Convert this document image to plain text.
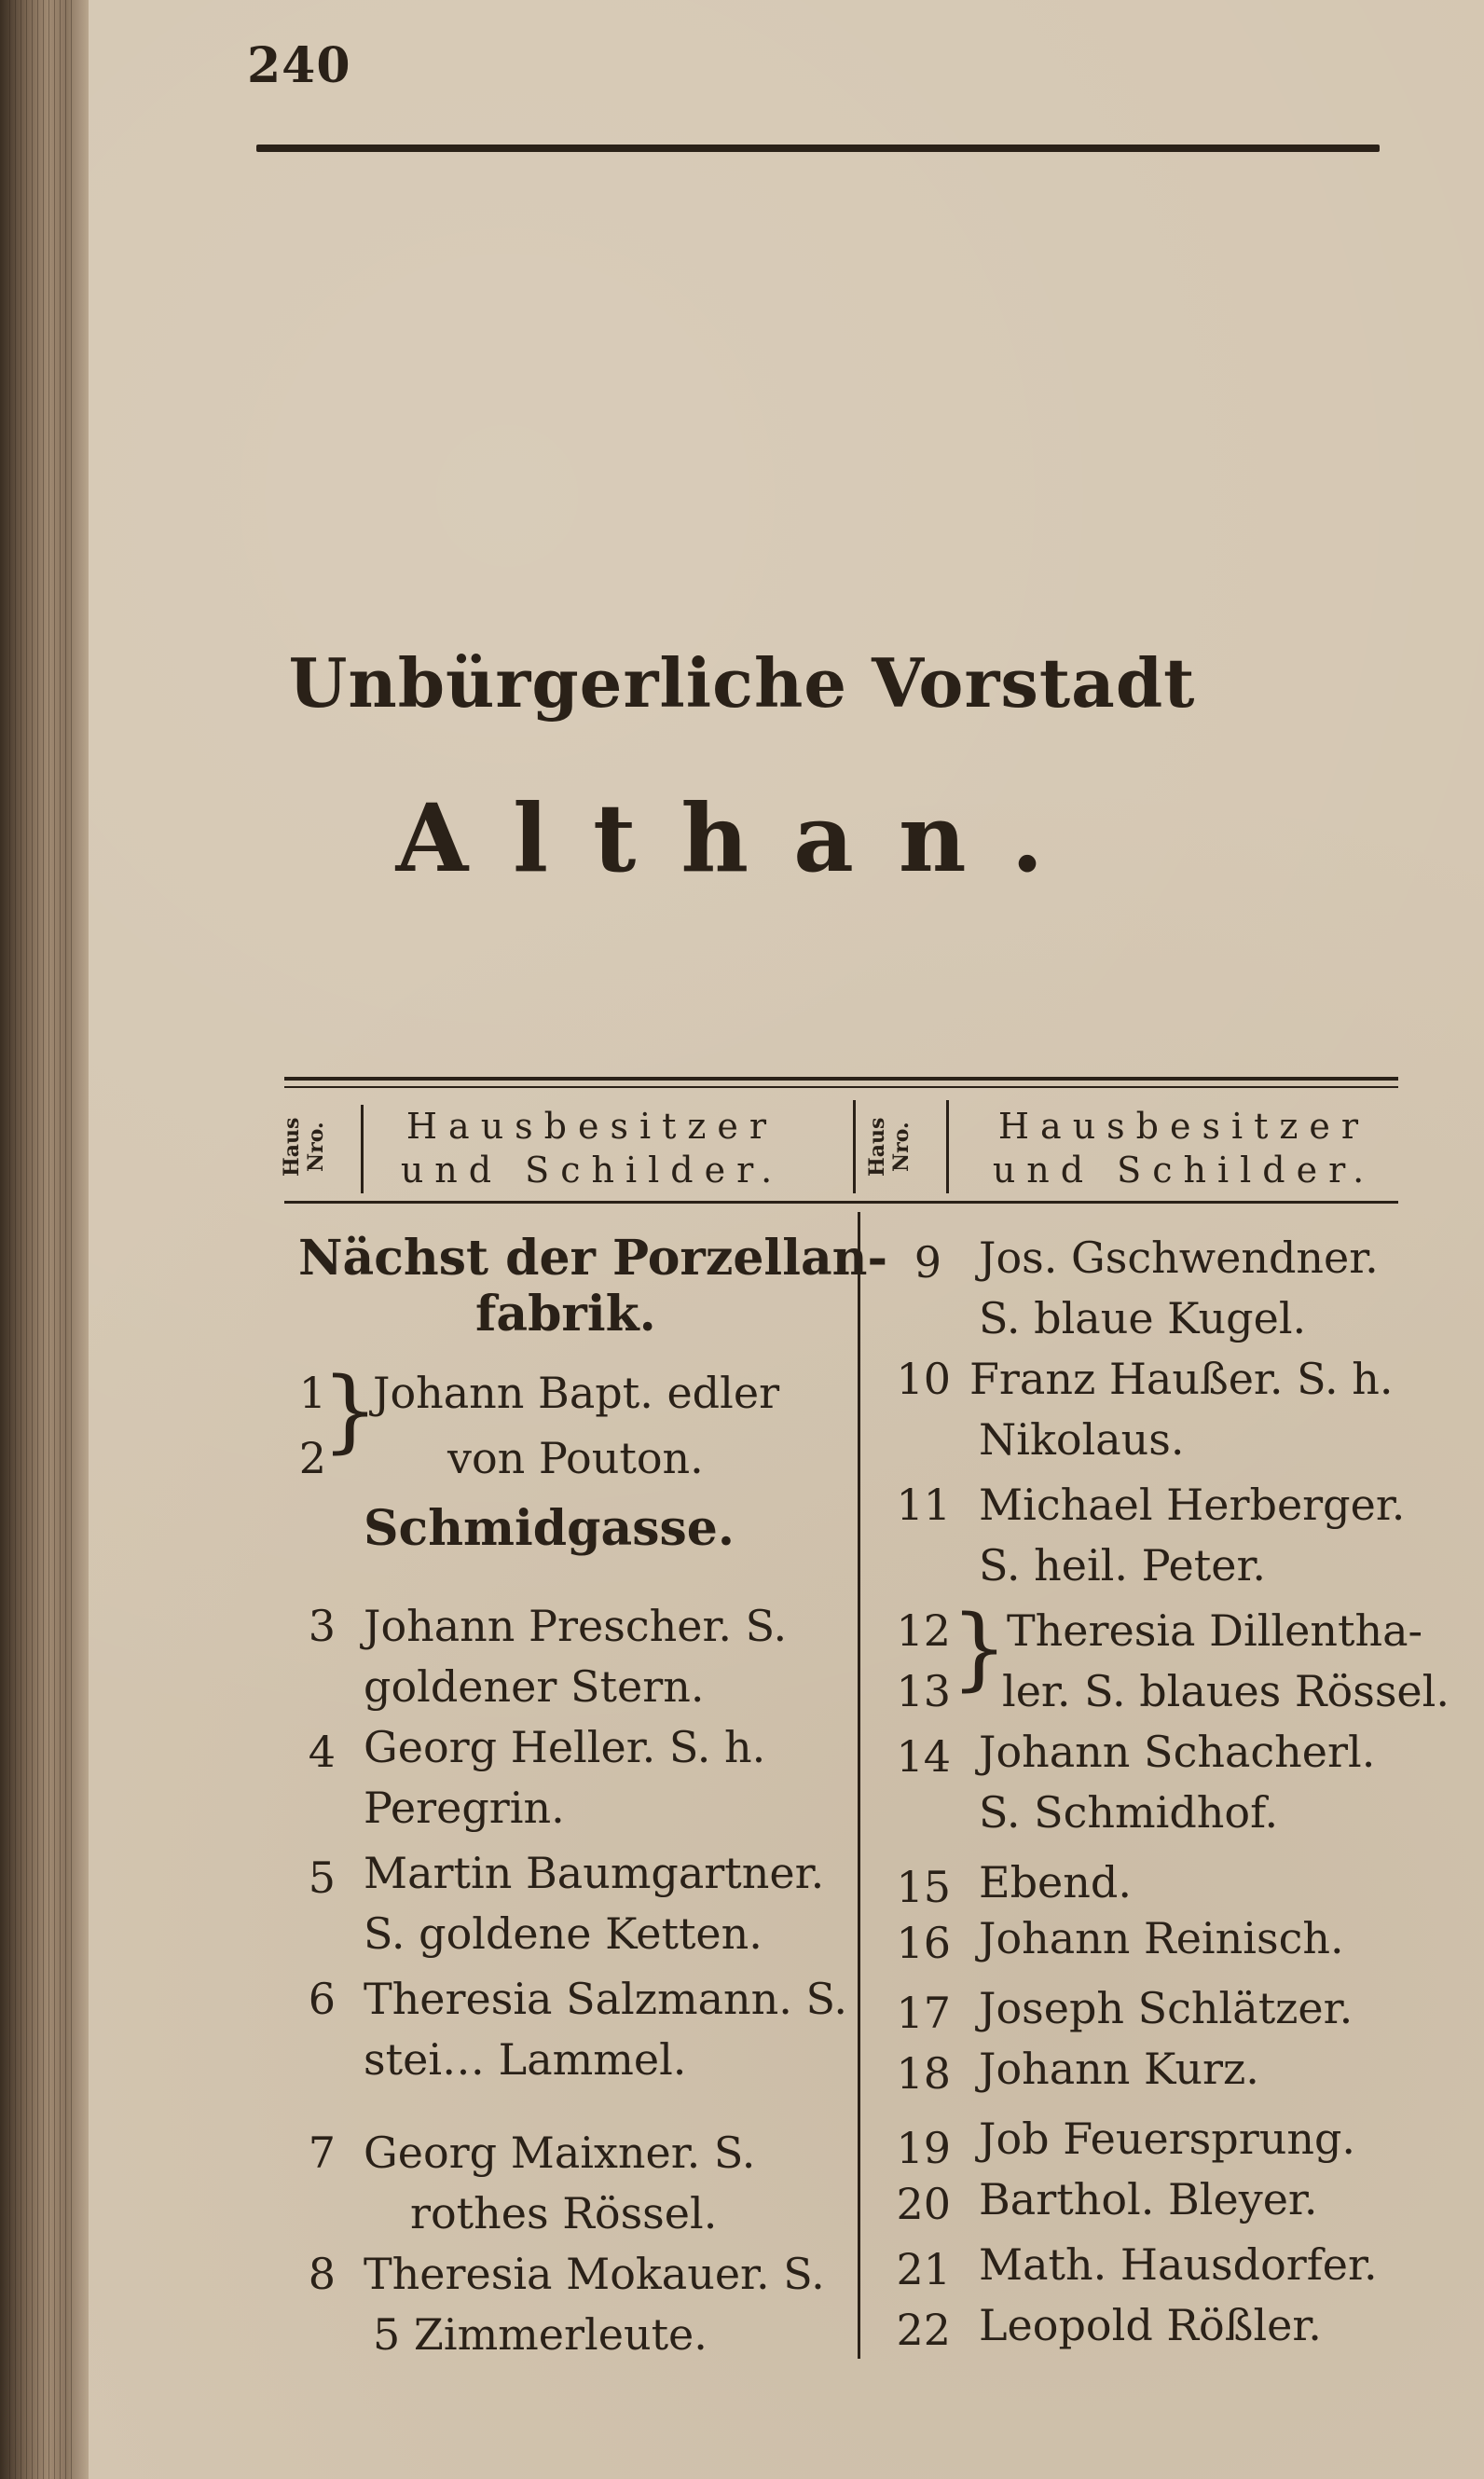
240
Unbürgerliche Vorstadt
Althan.
Haus Nro.	Hausbesitzer
und Schilder.	Haus Nro.	Hausbesitzer
und Schilder.
Nächst der Porzellan-
fabrik.
1
2
}
Johann Bapt. edler
von Pouton.
Schmidgasse.
3 Johann Prescher. S.
goldener Stern.
4 Georg Heller. S. h.
Peregrin.
5 Martin Baumgartner.
S. goldene Ketten.
6 Theresia Salzmann. S.
stei… Lammel.
7 Georg Maixner. S.
rothes Rössel.
8 Theresia Mokauer. S.
5 Zimmerleute.
9 Jos. Gschwendner.
S. blaue Kugel.
10 Franz Haußer. S. h.
Nikolaus.
11 Michael Herberger.
S. heil. Peter.
12
13 }
Theresia Dillentha-
ler. S. blaues Rössel.
14 Johann Schacherl.
S. Schmidhof.
15 Ebend.
16 Johann Reinisch.
17 Joseph Schlätzer.
18 Johann Kurz.
19 Job Feuersprung.
20 Barthol. Bleyer.
21 Math. Hausdorfer.
22 Leopold Rößler.
